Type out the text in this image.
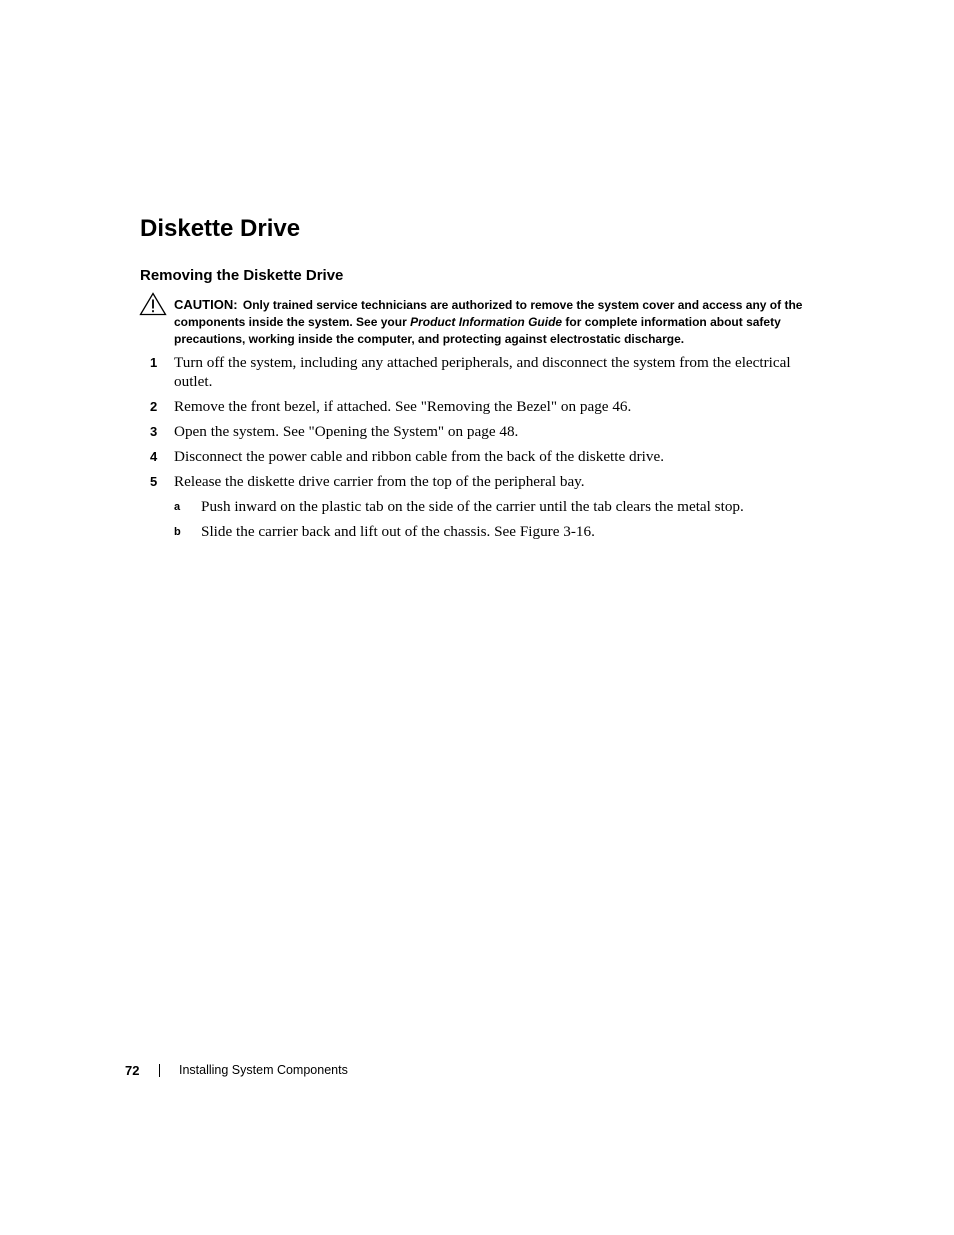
Diskette Drive
Removing the Diskette Drive
CAUTION: Only trained service technicians are authorized to remove the system cover and access any of the components inside the system. See your Product Information Guide for complete information about safety precautions, working inside the computer, and protecting against electrostatic discharge.
1 Turn off the system, including any attached peripherals, and disconnect the system from the electrical outlet.
2 Remove the front bezel, if attached. See "Removing the Bezel" on page 46.
3 Open the system. See "Opening the System" on page 48.
4 Disconnect the power cable and ribbon cable from the back of the diskette drive.
5 Release the diskette drive carrier from the top of the peripheral bay.
a Push inward on the plastic tab on the side of the carrier until the tab clears the metal stop.
b Slide the carrier back and lift out of the chassis. See Figure 3-16.
72	Installing System Components
